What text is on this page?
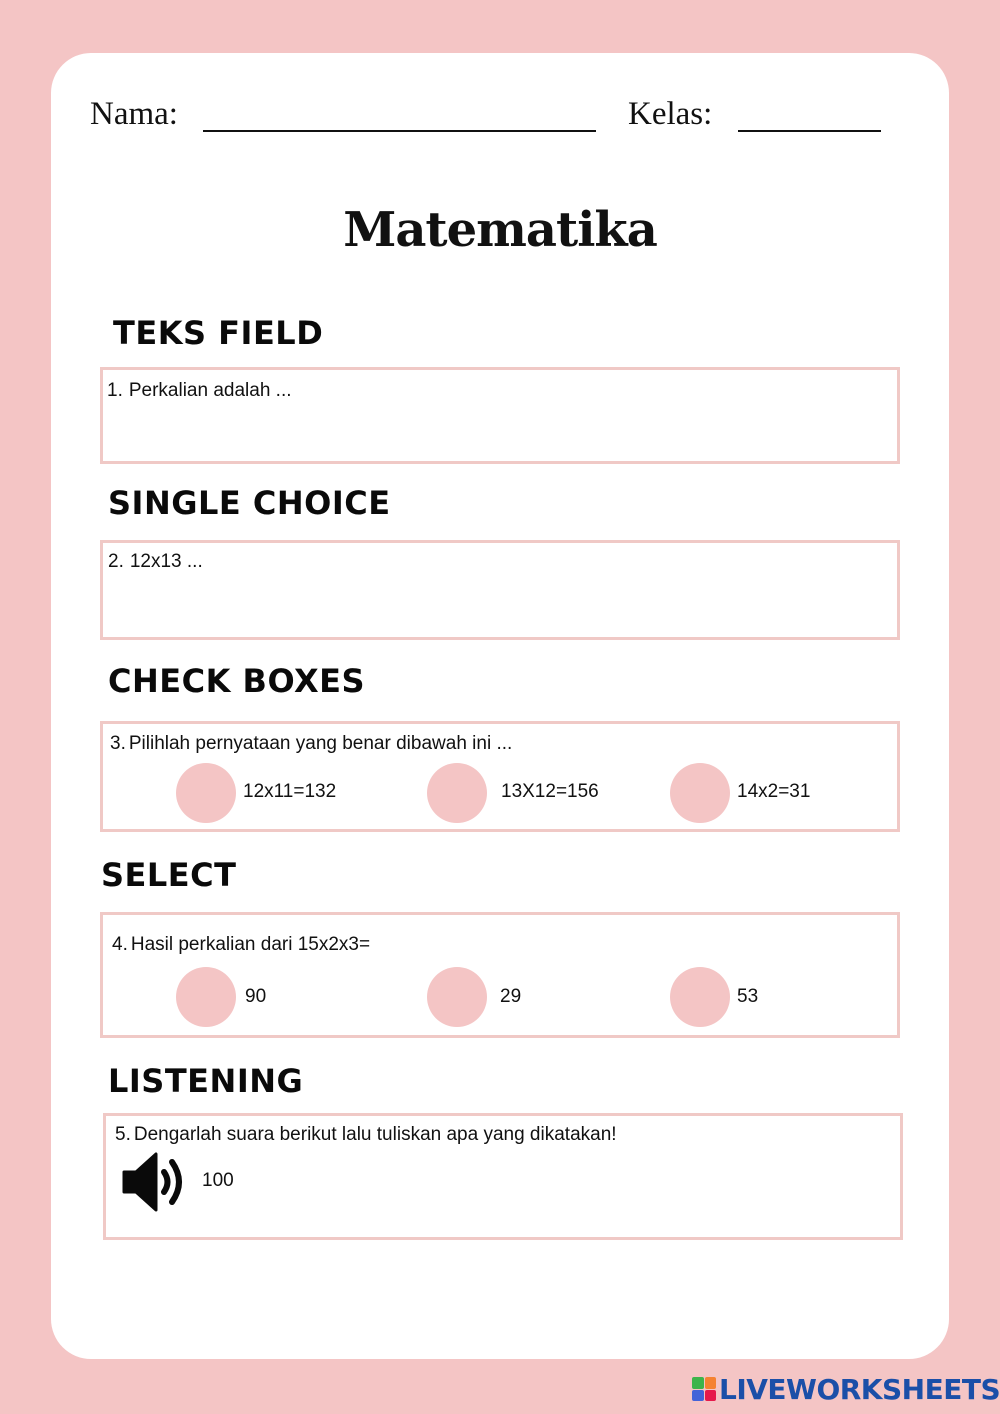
Nama:	Kelas:
Matematika
TEKS FIELD
1. Perkalian adalah ...
SINGLE CHOICE
2. 12x13 ...
CHECK BOXES
3. Pilihlah pernyataan yang benar dibawah ini ...
12x11=132	13X12=156	14x2=31
SELECT
4. Hasil perkalian dari 15x2x3=
90	29	53
LISTENING
5. Dengarlah suara berikut lalu tuliskan apa yang dikatakan!
100
LIVEWORKSHEETS
